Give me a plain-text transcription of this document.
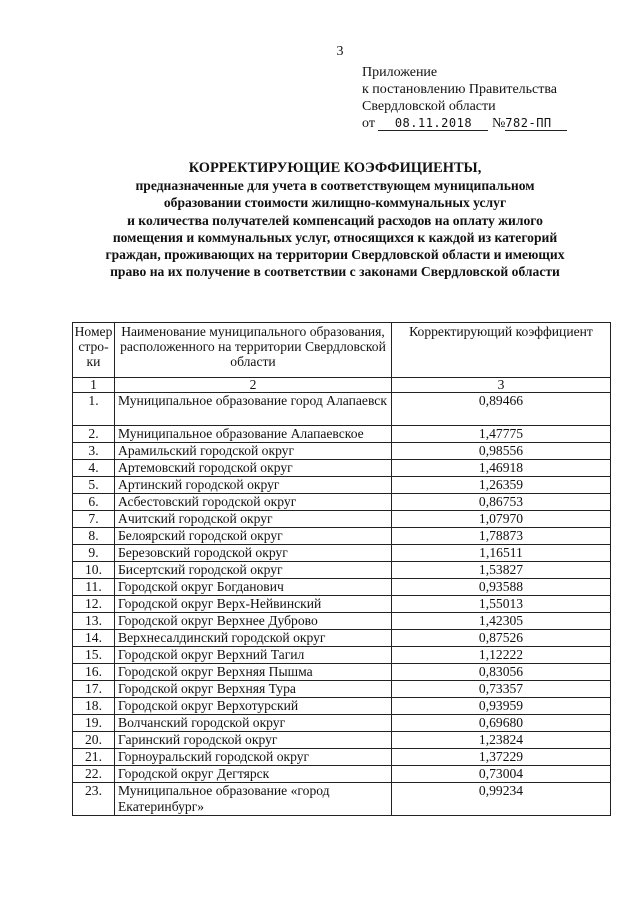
3
Приложение
к постановлению Правительства
Свердловской области
от 08.11.2018 №782-ПП
КОРРЕКТИРУЮЩИЕ КОЭФФИЦИЕНТЫ,
предназначенные для учета в соответствующем муниципальном
образовании стоимости жилищно-коммунальных услуг
и количества получателей компенсаций расходов на оплату жилого
помещения и коммунальных услуг, относящихся к каждой из категорий
граждан, проживающих на территории Свердловской области и имеющих
право на их получение в соответствии с законами Свердловской области
Номер стро- ки	Наименование муниципального образования, расположенного на территории Свердловской области	Корректирующий коэффициент
1	2	3
1.	Муниципальное образование город Алапаевск	0,89466
2.	Муниципальное образование Алапаевское	1,47775
3.	Арамильский городской округ	0,98556
4.	Артемовский городской округ	1,46918
5.	Артинский городской округ	1,26359
6.	Асбестовский городской округ	0,86753
7.	Ачитский городской округ	1,07970
8.	Белоярский городской округ	1,78873
9.	Березовский городской округ	1,16511
10.	Бисертский городской округ	1,53827
11.	Городской округ Богданович	0,93588
12.	Городской округ Верх-Нейвинский	1,55013
13.	Городской округ Верхнее Дуброво	1,42305
14.	Верхнесалдинский городской округ	0,87526
15.	Городской округ Верхний Тагил	1,12222
16.	Городской округ Верхняя Пышма	0,83056
17.	Городской округ Верхняя Тура	0,73357
18.	Городской округ Верхотурский	0,93959
19.	Волчанский городской округ	0,69680
20.	Гаринский городской округ	1,23824
21.	Горноуральский городской округ	1,37229
22.	Городской округ Дегтярск	0,73004
23.	Муниципальное образование «город Екатеринбург»	0,99234
